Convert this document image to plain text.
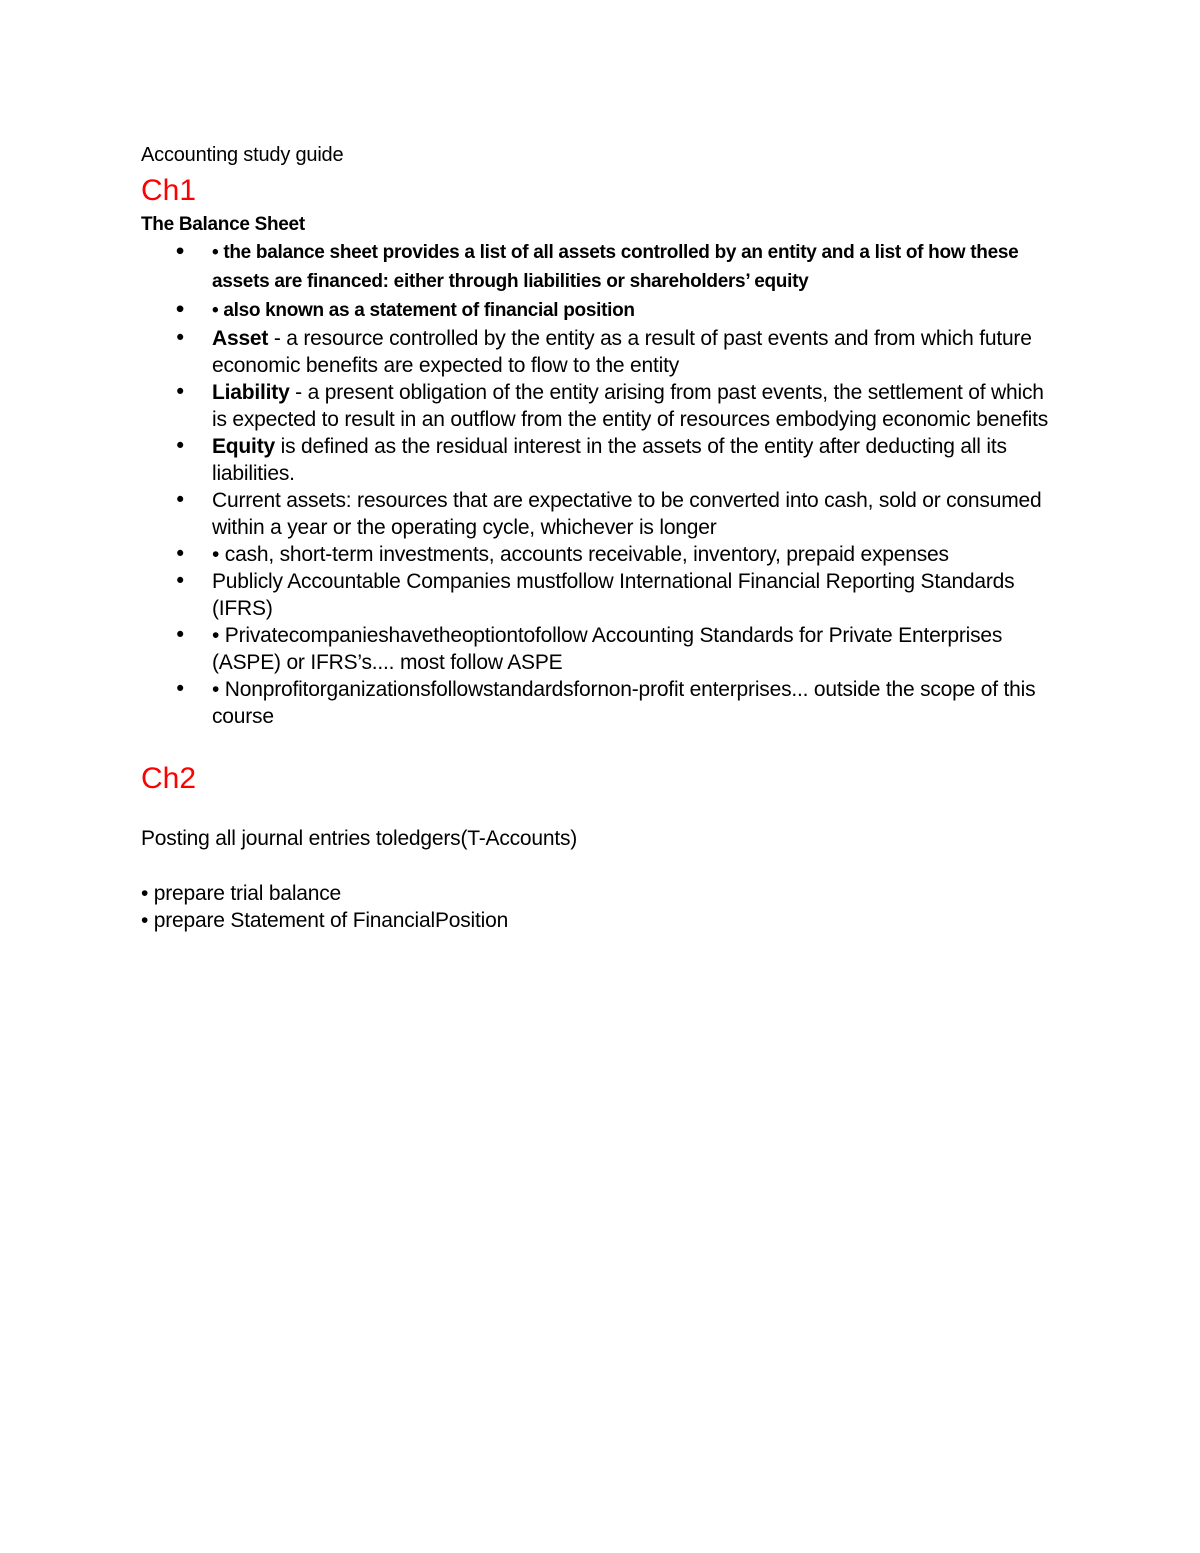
Accounting study guide

Ch1
The Balance Sheet
• • the balance sheet provides a list of all assets controlled by an entity and a list of how these assets are financed: either through liabilities or shareholders’ equity
• • also known as a statement of financial position
• Asset - a resource controlled by the entity as a result of past events and from which future economic benefits are expected to flow to the entity
• Liability - a present obligation of the entity arising from past events, the settlement of which is expected to result in an outflow from the entity of resources embodying economic benefits
• Equity is defined as the residual interest in the assets of the entity after deducting all its liabilities.
• Current assets: resources that are expectative to be converted into cash, sold or consumed within a year or the operating cycle, whichever is longer
• • cash, short-term investments, accounts receivable, inventory, prepaid expenses
• Publicly Accountable Companies mustfollow International Financial Reporting Standards (IFRS)
• • Privatecompanieshavetheoptiontofollow Accounting Standards for Private Enterprises (ASPE) or IFRS’s.... most follow ASPE
• • Nonprofitorganizationsfollowstandardsfornon-profit enterprises... outside the scope of this course
Ch2

Posting all journal entries toledgers(T-Accounts)

• prepare trial balance

• prepare Statement of FinancialPosition
